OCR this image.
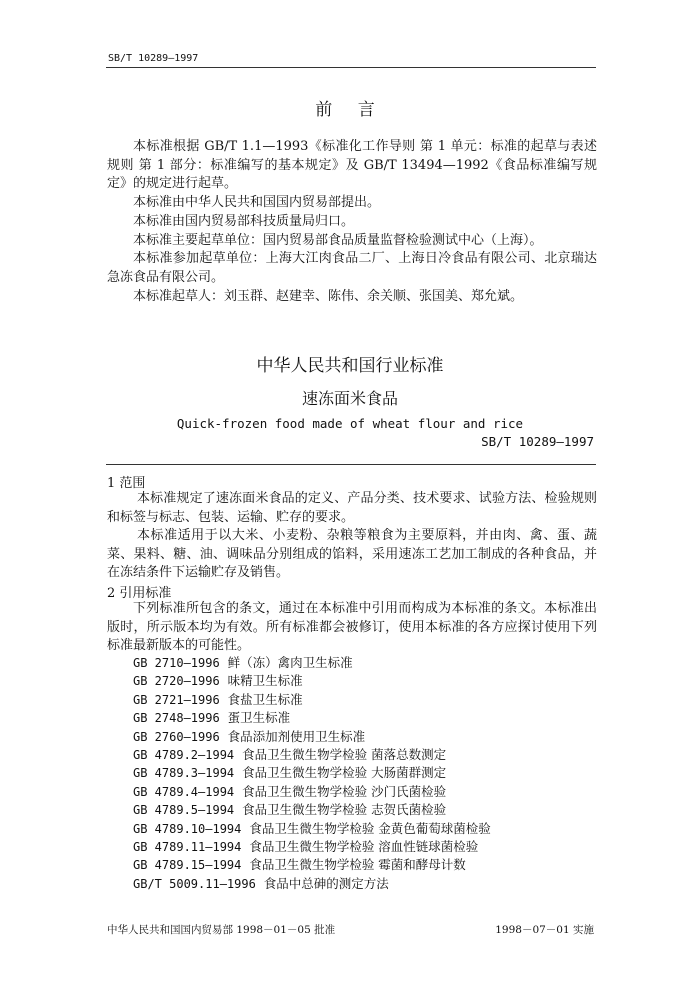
SB/T 10289—1997
前 言
本标准根据 GB/T 1.1—1993《标准化工作导则 第 1 单元：标准的起草与表述规则 第 1 部分：标准编写的基本规定》及 GB/T 13494—1992《食品标准编写规定》的规定进行起草。
本标准由中华人民共和国国内贸易部提出。
本标准由国内贸易部科技质量局归口。
本标准主要起草单位：国内贸易部食品质量监督检验测试中心（上海）。
本标准参加起草单位：上海大江肉食品二厂、上海日冷食品有限公司、北京瑞达急冻食品有限公司。
本标准起草人：刘玉群、赵建幸、陈伟、余关顺、张国美、郑允斌。
中华人民共和国行业标准
速冻面米食品
Quick-frozen food made of wheat flour and rice
SB/T 10289—1997
1 范围
本标准规定了速冻面米食品的定义、产品分类、技术要求、试验方法、检验规则和标签与标志、包装、运输、贮存的要求。
本标准适用于以大米、小麦粉、杂粮等粮食为主要原料，并由肉、禽、蛋、蔬菜、果料、糖、油、调味品分别组成的馅料，采用速冻工艺加工制成的各种食品，并在冻结条件下运输贮存及销售。
2 引用标准
下列标准所包含的条文，通过在本标准中引用而构成为本标准的条文。本标准出版时，所示版本均为有效。所有标准都会被修订，使用本标准的各方应探讨使用下列标准最新版本的可能性。
GB 2710—1996 鲜（冻）禽肉卫生标准
GB 2720—1996 味精卫生标准
GB 2721—1996 食盐卫生标准
GB 2748—1996 蛋卫生标准
GB 2760—1996 食品添加剂使用卫生标准
GB 4789.2—1994 食品卫生微生物学检验 菌落总数测定
GB 4789.3—1994 食品卫生微生物学检验 大肠菌群测定
GB 4789.4—1994 食品卫生微生物学检验 沙门氏菌检验
GB 4789.5—1994 食品卫生微生物学检验 志贺氏菌检验
GB 4789.10—1994 食品卫生微生物学检验 金黄色葡萄球菌检验
GB 4789.11—1994 食品卫生微生物学检验 溶血性链球菌检验
GB 4789.15—1994 食品卫生微生物学检验 霉菌和酵母计数
GB/T 5009.11—1996 食品中总砷的测定方法
中华人民共和国国内贸易部 1998－01－05 批准	1998－07－01 实施
